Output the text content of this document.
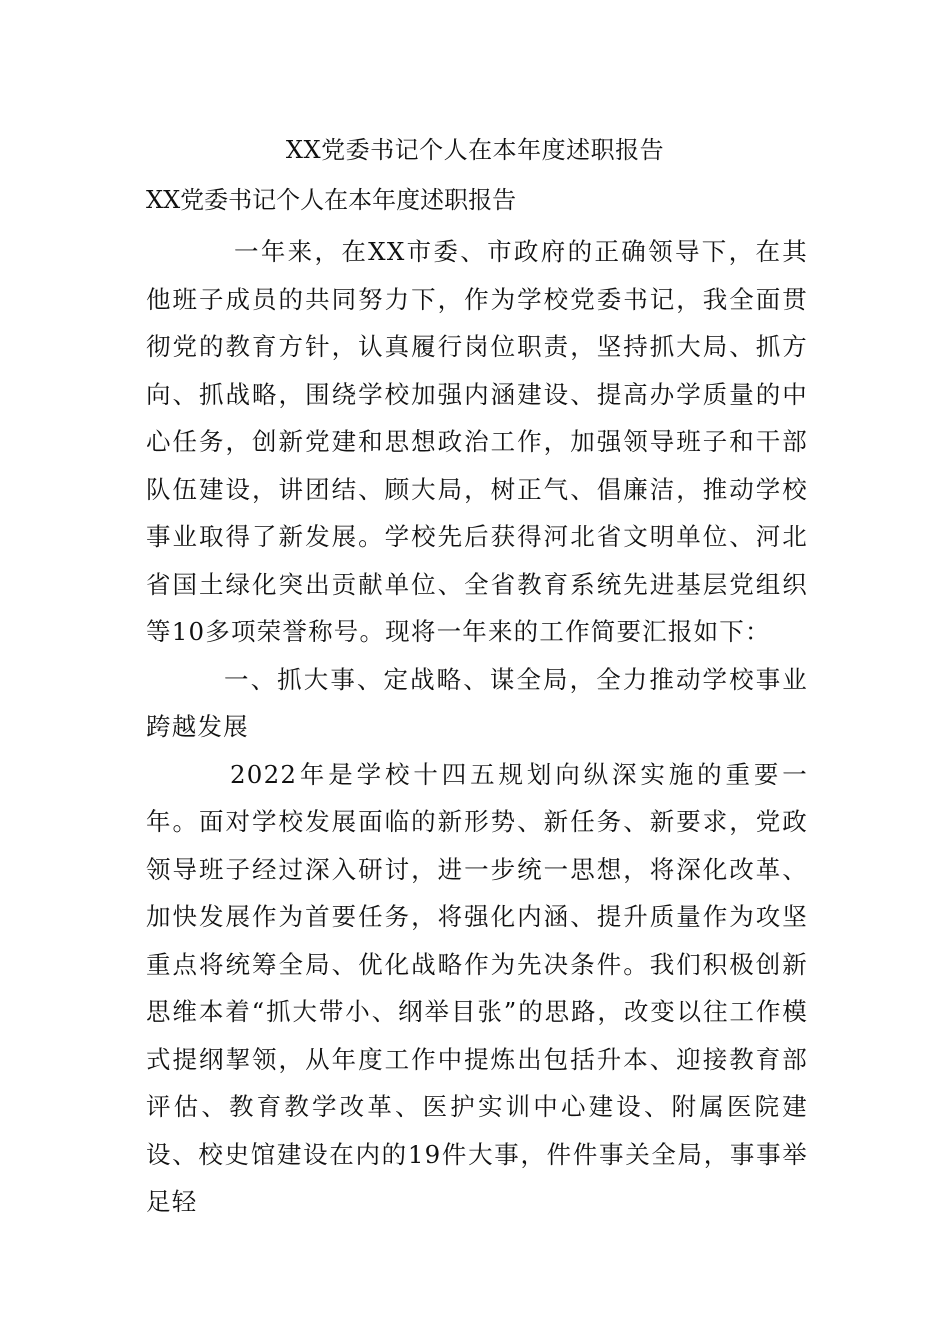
XX党委书记个人在本年度述职报告
XX党委书记个人在本年度述职报告

一年来，在XX市委、市政府的正确领导下，在其他班子成员的共同努力下，作为学校党委书记，我全面贯彻党的教育方针，认真履行岗位职责，坚持抓大局、抓方向、抓战略，围绕学校加强内涵建设、提高办学质量的中心任务，创新党建和思想政治工作，加强领导班子和干部队伍建设，讲团结、顾大局，树正气、倡廉洁，推动学校事业取得了新发展。学校先后获得河北省文明单位、河北省国土绿化突出贡献单位、全省教育系统先进基层党组织等10多项荣誉称号。现将一年来的工作简要汇报如下：

一、抓大事、定战略、谋全局，全力推动学校事业跨越发展

2022年是学校十四五规划向纵深实施的重要一年。面对学校发展面临的新形势、新任务、新要求，党政领导班子经过深入研讨，进一步统一思想，将深化改革、加快发展作为首要任务，将强化内涵、提升质量作为攻坚重点将统筹全局、优化战略作为先决条件。我们积极创新思维本着“抓大带小、纲举目张”的思路，改变以往工作模式提纲挈领，从年度工作中提炼出包括升本、迎接教育部评估、教育教学改革、医护实训中心建设、附属医院建设、校史馆建设在内的19件大事，件件事关全局，事事举足轻
